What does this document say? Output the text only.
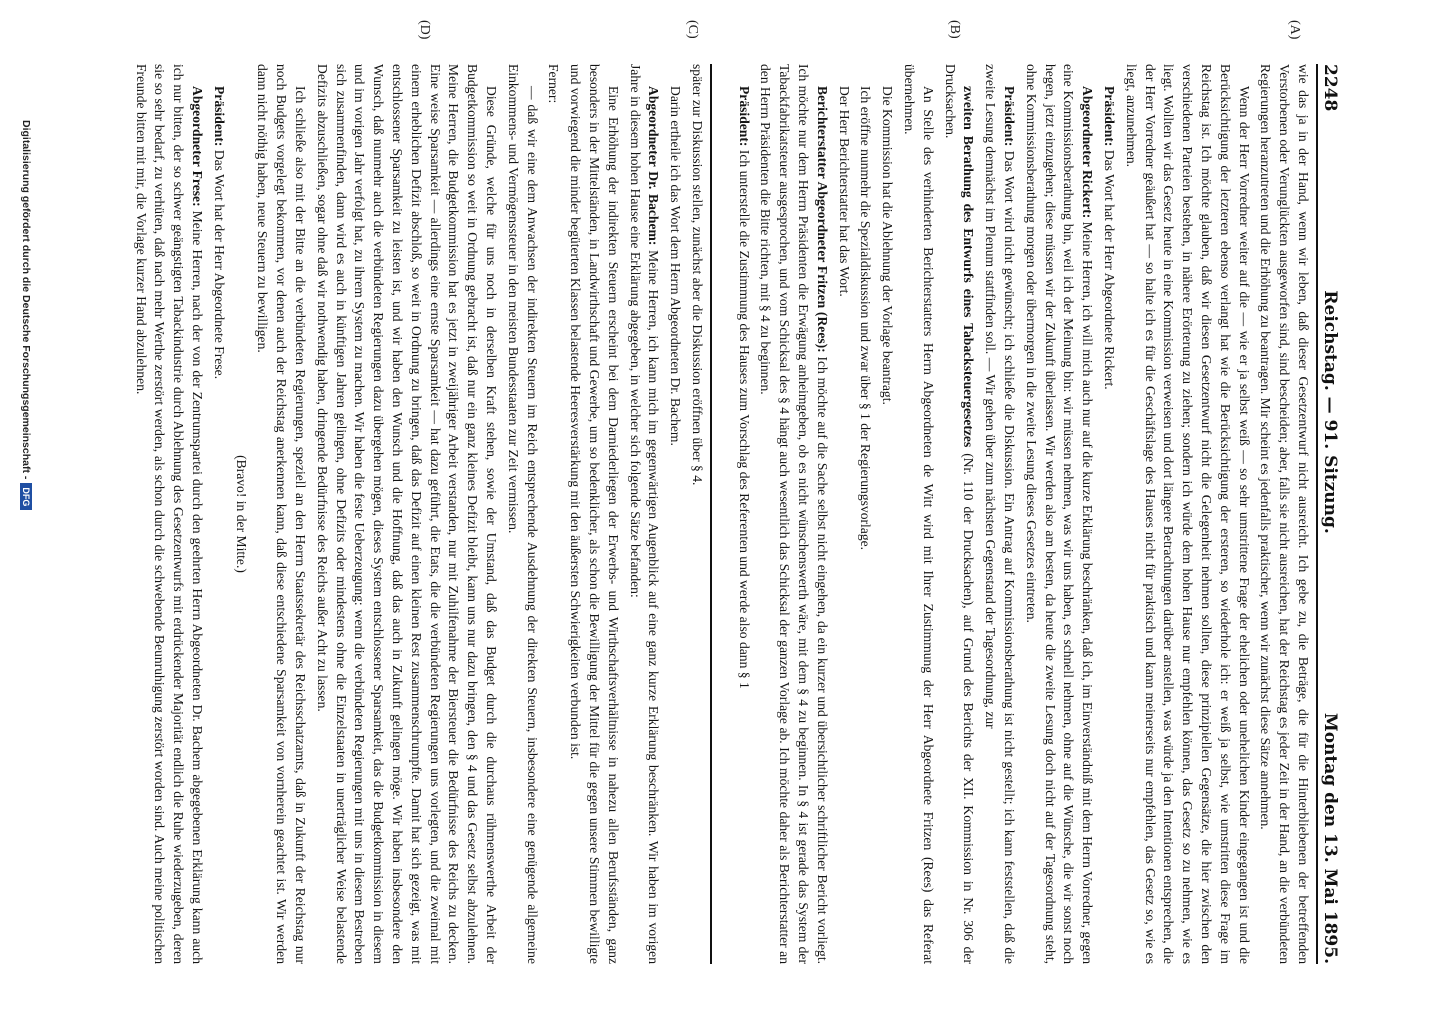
2248
Reichstag. — 91. Sitzung.
Montag den 13. Mai 1895.
(A)
(B)
(C)
(D)

wie das ja in der Hand, wenn wir leben, daß dieser Gesetzentwurf nicht ausreicht. Ich gebe zu, die Beträge, die für die Hinterbliebenen der betreffenden Verstorbenen oder Verunglückten ausgeworfen sind, sind bescheiden; aber, falls sie nicht ausreichen, hat der Reichstag es jeder Zeit in der Hand, an die verbündeten Regierungen heranzutreten und die Erhöhung zu beantragen. Mir scheint es jedenfalls praktischer, wenn wir zunächst diese Sätze annehmen.

Wenn der Herr Vorredner weiter auf die — wie er ja selbst weiß — so sehr umstrittene Frage der ehelichen oder unehelichen Kinder eingegangen ist und die Berücksichtigung der letzteren ebenso verlangt hat wie die Berücksichtigung der ersteren, so wiederhole ich: er weiß ja selbst, wie umstritten diese Frage im Reichstag ist. Ich möchte glauben, daß wir diesen Gesetzentwurf nicht die Gelegenheit nehmen sollten, diese prinzipiellen Gegensätze, die hier zwischen den verschiedenen Parteien bestehen, in nähere Erörterung zu ziehen; sondern ich würde dem hohen Hause nur empfehlen können, das Gesetz so zu nehmen, wie es liegt. Wollten wir das Gesetz heute in eine Kommission verweisen und dort längere Betrachtungen darüber anstellen, was würde ja den Intentionen entsprechen, die der Herr Vorredner geäußert hat — so halte ich es für die Geschäftslage des Hauses nicht für praktisch und kann meinerseits nur empfehlen, das Gesetz so, wie es liegt, anzunehmen.

Präsident: Das Wort hat der Herr Abgeordnete Rickert.

Abgeordneter Rickert: Meine Herren, ich will mich auch nur auf die kurze Erklärung beschränken, daß ich, im Einverständniß mit dem Herrn Vorredner, gegen eine Kommissionsberathung bin, weil ich der Meinung bin: wir müssen nehmen, was wir uns haben, es schnell nehmen, ohne auf die Wünsche, die wir sonst noch hegen, jetzt einzugehen; diese müssen wir der Zukunft überlassen. Wir werden also am besten, da heute die zweite Lesung doch nicht auf der Tagesordnung steht, ohne Kommissionsberathung morgen oder übermorgen in die zweite Lesung dieses Gesetzes eintreten.

Präsident: Das Wort wird nicht gewünscht; ich schließe die Diskussion. Ein Antrag auf Kommissionsberathung ist nicht gestellt; ich kann feststellen, daß die zweite Lesung demnächst im Plenum stattfinden soll. — Wir gehen über zum nächsten Gegenstand der Tagesordnung, zur

zweiten Berathung des Entwurfs eines Tabacksteuergesetzes (Nr. 110 der Drucksachen), auf Grund des Berichts der XII. Kommission in Nr. 306 der Drucksachen.

An Stelle des verhinderten Berichterstatters Herrn Abgeordneten de Witt wird mit Ihrer Zustimmung der Herr Abgeordnete Fritzen (Rees) das Referat übernehmen.

Die Kommission hat die Ablehnung der Vorlage beantragt.

Ich eröffne nunmehr die Spezialdiskussion und zwar über § 1 der Regierungsvorlage.

Der Herr Berichterstatter hat das Wort.

Berichterstatter Abgeordneter Fritzen (Rees): Ich möchte auf die Sache selbst nicht eingehen, da ein kurzer und übersichtlicher schriftlicher Bericht vorliegt. Ich möchte nur dem Herrn Präsidenten die Erwägung anheimgeben, ob es nicht wünschenswerth wäre, mit dem § 4 zu beginnen. In § 4 ist gerade das System der Tabackfabrikatsteuer ausgesprochen, und vom Schicksal des § 4 hängt auch wesentlich das Schicksal der ganzen Vorlage ab. Ich möchte daher als Berichterstatter an den Herrn Präsidenten die Bitte richten, mit § 4 zu beginnen.

Präsident: Ich unterstelle die Zustimmung des Hauses zum Vorschlag des Referenten und werde also dann § 1

später zur Diskussion stellen, zunächst aber die Diskussion eröffnen über § 4.

Darin ertheile ich das Wort dem Herrn Abgeordneten Dr. Bachem.

Abgeordneter Dr. Bachem: Meine Herren, ich kann mich im gegenwärtigen Augenblick auf eine ganz kurze Erklärung beschränken. Wir haben im vorigen Jahre in diesem hohen Hause eine Erklärung abgegeben, in welcher sich folgende Sätze befanden:

Eine Erhöhung der indirekten Steuern erscheint bei dem Darniederliegen der Erwerbs- und Wirthschaftsverhältnisse in nahezu allen Berufsständen, ganz besonders in der Mittelständen, in Landwirthschaft und Gewerbe, um so bedenklicher, als schon die Bewilligung der Mittel für die gegen unsere Stimmen bewilligte und vorwiegend die minder begüterten Klassen belastende Heeresverstärkung mit den äußersten Schwierigkeiten verbunden ist.

Ferner:

— daß wir eine dem Anwachsen der indirekten Steuern im Reich entsprechende Ausdehnung der direkten Steuern, insbesondere eine genügende allgemeine Einkommens- und Vermögenssteuer in den meisten Bundesstaaten zur Zeit vermissen.

Diese Gründe, welche für uns noch in derselben Kraft stehen, sowie der Umstand, daß das Budget durch die durchaus rühmenswerthe Arbeit der Budgetkommission so weit in Ordnung gebracht ist, daß nur ein ganz kleines Defizit bleibt, kann uns nur dazu bringen, den § 4 und das Gesetz selbst abzulehnen. Meine Herren, die Budgetkommission hat es jetzt in zweijähriger Arbeit verstanden, nur mit Zuhilfenahme der Biersteuer die Bedürfnisse des Reichs zu decken. Eine weise Sparsamkeit — allerdings eine ernste Sparsamkeit — hat dazu geführt, die Etats, die die verbündeten Regierungen uns vorlegten, und die zweimal mit einem erheblichen Defizit abschloß, so weit in Ordnung zu bringen, daß das Defizit auf einen kleinen Rest zusammenschrumpfte. Damit hat sich gezeigt, was mit entschlossener Sparsamkeit zu leisten ist, und wir haben den Wunsch und die Hoffnung, daß das auch in Zukunft gelingen möge. Wir haben insbesondere den Wunsch, daß nunmehr auch die verbündeten Regierungen dazu übergehen mögen, dieses System entschlossener Sparsamkeit, das die Budgetkommission in diesem und im vorigen Jahr verfolgt hat, zu ihrem System zu machen. Wir haben die feste Ueberzeugung: wenn die verbündeten Regierungen mit uns in diesem Bestreben sich zusammenfinden, dann wird es auch in künftigen Jahren gelingen, ohne Defizits oder mindestens ohne die Einzelstaaten in unerträglicher Weise belastende Defizits abzuschließen, sogar ohne daß wir nothwendig haben, dringende Bedürfnisse des Reichs außer Acht zu lassen.

Ich schließe also mit der Bitte an die verbündeten Regierungen, speziell an den Herrn Staatssekretär des Reichsschatzamts, daß in Zukunft der Reichstag nur noch Budgets vorgelegt bekommen, vor denen auch der Reichstag anerkennen kann, daß diese entschiedene Sparsamkeit von vornherein geachtet ist. Wir werden dann nicht nöthig haben, neue Steuern zu bewilligen.

(Bravo! in der Mitte.)

Präsident: Das Wort hat der Herr Abgeordnete Frese.

Abgeordneter Frese: Meine Herren, nach der von der Zentrumspartei durch den geehrten Herrn Abgeordneten Dr. Bachem abgegebenen Erklärung kann auch ich nur bitten, der so schwer geängstigten Tabackindustrie durch Ablehnung des Gesetzentwurfs mit erdrückender Majorität endlich die Ruhe wiederzugeben, deren sie so sehr bedarf, zu verhüten, daß nach mehr Werthe zerstört werden, als schon durch die schwebende Beunruhigung zerstört worden sind. Auch meine politischen Freunde bitten mit mir, die Vorlage kurzer Hand abzulehnen.

Digitalisierung gefördert durch die Deutsche Forschungsgemeinschaft -
DFG
